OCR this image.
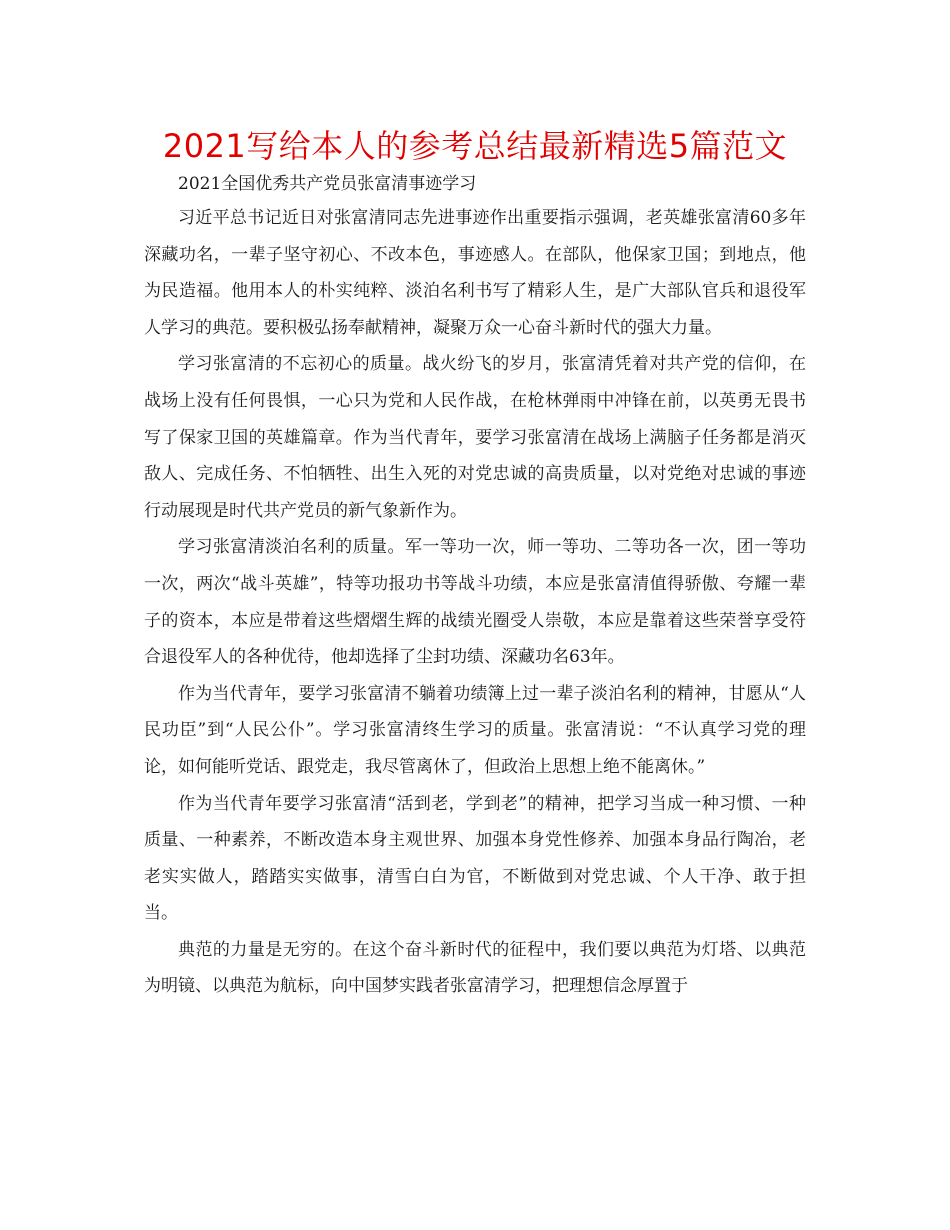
2021写给本人的参考总结最新精选5篇范文

2021全国优秀共产党员张富清事迹学习

习近平总书记近日对张富清同志先进事迹作出重要指示强调，老英雄张富清60多年深藏功名，一辈子坚守初心、不改本色，事迹感人。在部队，他保家卫国；到地点，他为民造福。他用本人的朴实纯粹、淡泊名利书写了精彩人生，是广大部队官兵和退役军人学习的典范。要积极弘扬奉献精神，凝聚万众一心奋斗新时代的强大力量。

学习张富清的不忘初心的质量。战火纷飞的岁月，张富清凭着对共产党的信仰，在战场上没有任何畏惧，一心只为党和人民作战，在枪林弹雨中冲锋在前，以英勇无畏书写了保家卫国的英雄篇章。作为当代青年，要学习张富清在战场上满脑子任务都是消灭敌人、完成任务、不怕牺牲、出生入死的对党忠诚的高贵质量，以对党绝对忠诚的事迹行动展现是时代共产党员的新气象新作为。

学习张富清淡泊名利的质量。军一等功一次，师一等功、二等功各一次，团一等功一次，两次“战斗英雄”，特等功报功书等战斗功绩，本应是张富清值得骄傲、夸耀一辈子的资本，本应是带着这些熠熠生辉的战绩光圈受人崇敬，本应是靠着这些荣誉享受符合退役军人的各种优待，他却选择了尘封功绩、深藏功名63年。

作为当代青年，要学习张富清不躺着功绩簿上过一辈子淡泊名利的精神，甘愿从“人民功臣”到“人民公仆”。学习张富清终生学习的质量。张富清说：“不认真学习党的理论，如何能听党话、跟党走，我尽管离休了，但政治上思想上绝不能离休。”

作为当代青年要学习张富清“活到老，学到老”的精神，把学习当成一种习惯、一种质量、一种素养，不断改造本身主观世界、加强本身党性修养、加强本身品行陶冶，老老实实做人，踏踏实实做事，清雪白白为官，不断做到对党忠诚、个人干净、敢于担当。

典范的力量是无穷的。在这个奋斗新时代的征程中，我们要以典范为灯塔、以典范为明镜、以典范为航标，向中国梦实践者张富清学习，把理想信念厚置于
